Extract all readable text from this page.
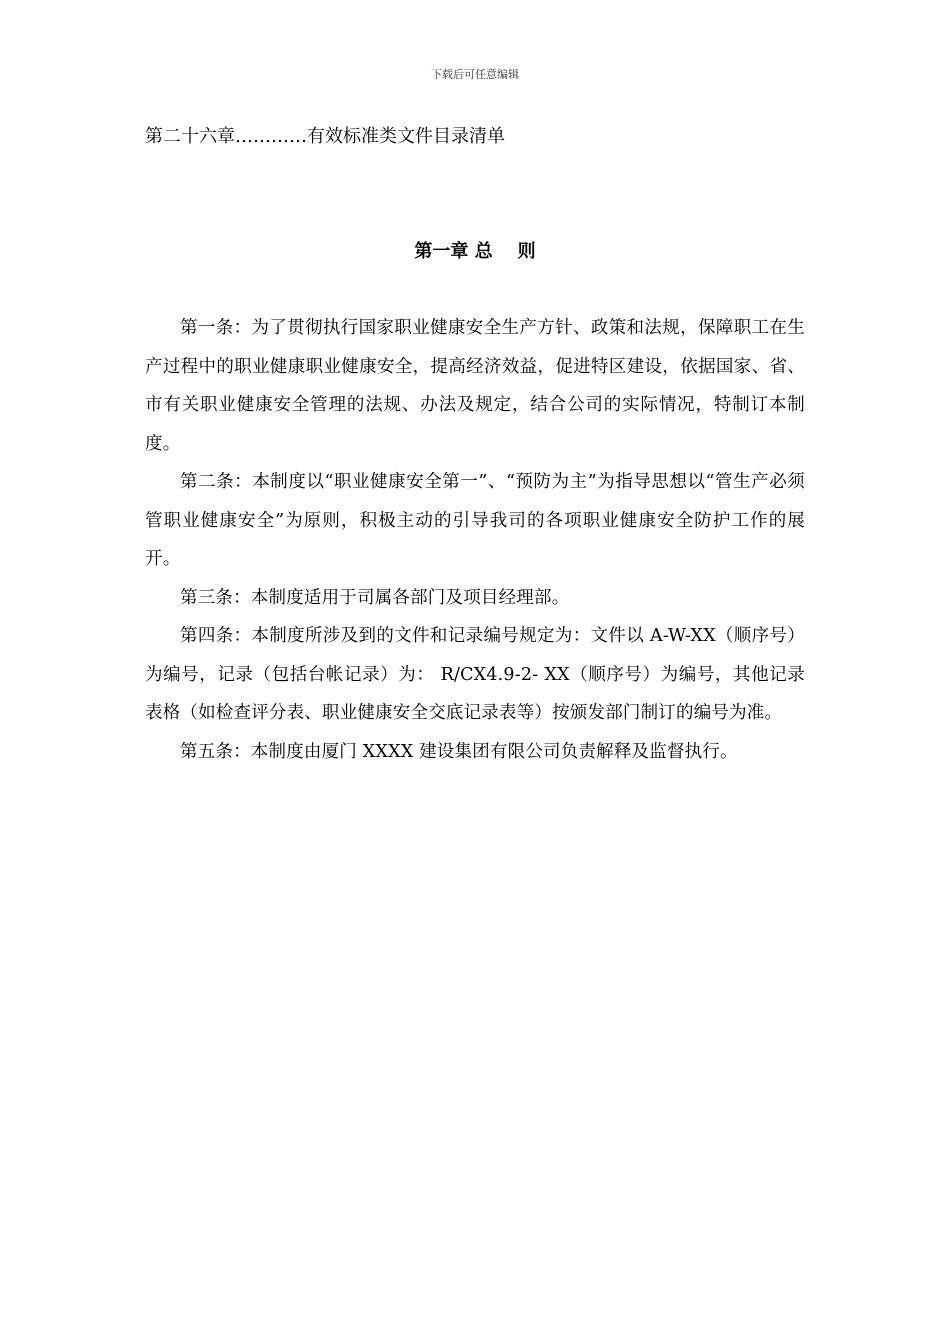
下载后可任意编辑
第二十六章…………有效标准类文件目录清单
第一章 总    则

第一条：为了贯彻执行国家职业健康安全生产方针、政策和法规，保障职工在生产过程中的职业健康职业健康安全，提高经济效益，促进特区建设，依据国家、省、市有关职业健康安全管理的法规、办法及规定，结合公司的实际情况，特制订本制度。

第二条：本制度以“职业健康安全第一”、“预防为主”为指导思想以“管生产必须管职业健康安全”为原则，积极主动的引导我司的各项职业健康安全防护工作的展开。

第三条：本制度适用于司属各部门及项目经理部。

第四条：本制度所涉及到的文件和记录编号规定为：文件以 A-W-XX（顺序号）为编号，记录（包括台帐记录）为： R/CX4.9-2- XX（顺序号）为编号，其他记录表格（如检查评分表、职业健康安全交底记录表等）按颁发部门制订的编号为准。

第五条：本制度由厦门 XXXX 建设集团有限公司负责解释及监督执行。
